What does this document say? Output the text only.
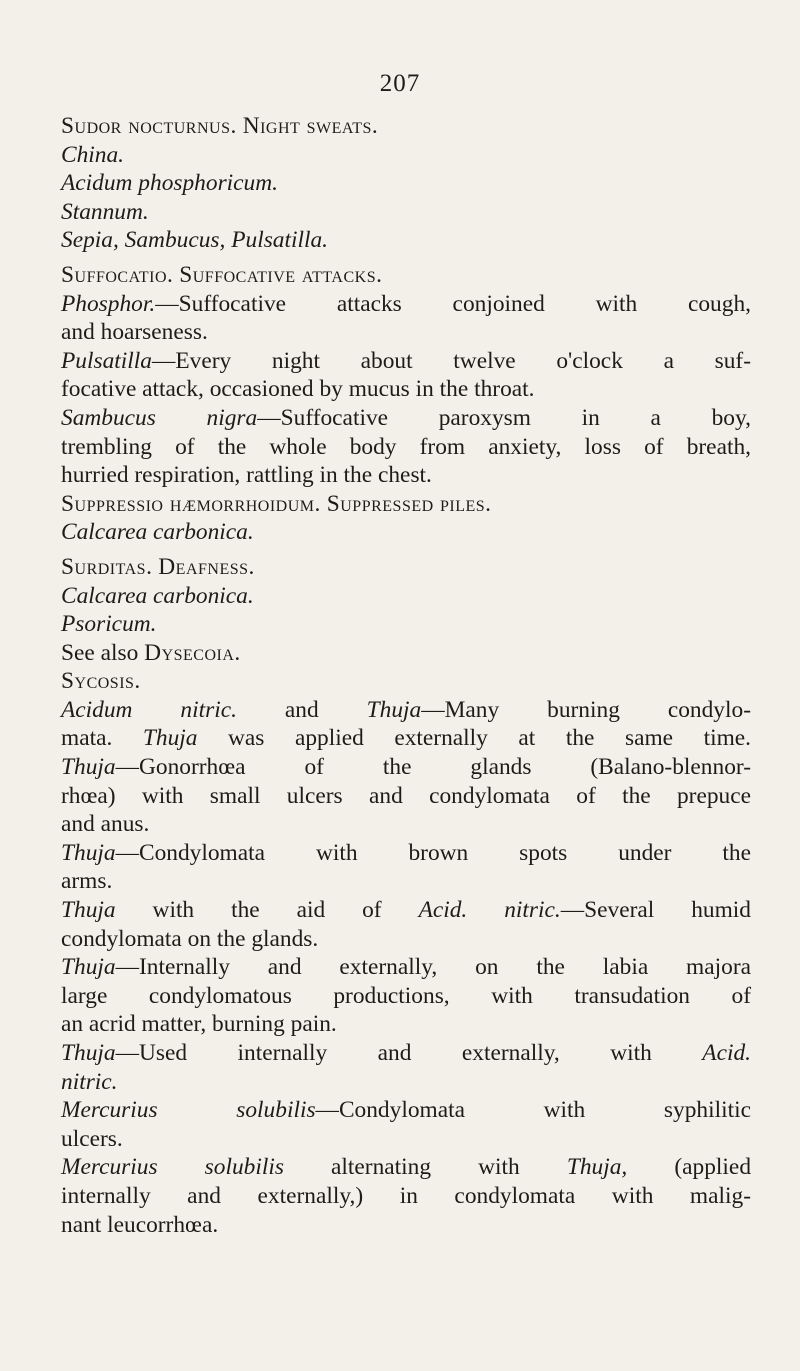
207
Sudor nocturnus. Night sweats.
China.
Acidum phosphoricum.
Stannum.
Sepia, Sambucus, Pulsatilla.
Suffocatio. Suffocative attacks.
Phosphor.—Suffocative attacks conjoined with cough,
and hoarseness.
Pulsatilla—Every night about twelve o'clock a suf-
focative attack, occasioned by mucus in the throat.
Sambucus nigra—Suffocative paroxysm in a boy,
trembling of the whole body from anxiety, loss of breath,
hurried respiration, rattling in the chest.
Suppressio hæmorrhoidum. Suppressed piles.
Calcarea carbonica.
Surditas. Deafness.
Calcarea carbonica.
Psoricum.
See also Dysecoia.
Sycosis.
Acidum nitric. and Thuja—Many burning condylo-
mata. Thuja was applied externally at the same time.
Thuja—Gonorrhœa of the glands (Balano-blennor-
rhœa) with small ulcers and condylomata of the prepuce
and anus.
Thuja—Condylomata with brown spots under the
arms.
Thuja with the aid of Acid. nitric.—Several humid
condylomata on the glands.
Thuja—Internally and externally, on the labia majora
large condylomatous productions, with transudation of
an acrid matter, burning pain.
Thuja—Used internally and externally, with Acid.
nitric.
Mercurius solubilis—Condylomata with syphilitic
ulcers.
Mercurius solubilis alternating with Thuja, (applied
internally and externally,) in condylomata with malig-
nant leucorrhœa.
